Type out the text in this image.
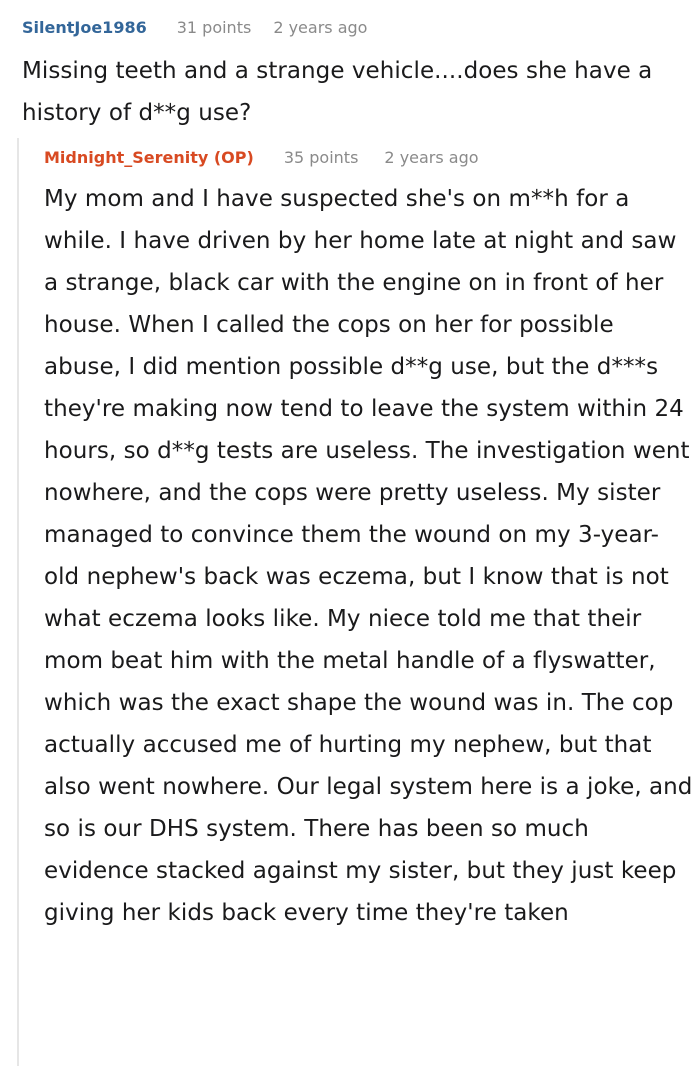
SilentJoe1986 31 points 2 years ago

Missing teeth and a strange vehicle....does she have a history of d**g use?

Midnight_Serenity (OP) 35 points 2 years ago

My mom and I have suspected she's on m**h for a while. I have driven by her home late at night and saw a strange, black car with the engine on in front of her house. When I called the cops on her for possible abuse, I did mention possible d**g use, but the d***s they're making now tend to leave the system within 24 hours, so d**g tests are useless. The investigation went nowhere, and the cops were pretty useless. My sister managed to convince them the wound on my 3-year-old nephew's back was eczema, but I know that is not what eczema looks like. My niece told me that their mom beat him with the metal handle of a flyswatter, which was the exact shape the wound was in. The cop actually accused me of hurting my nephew, but that also went nowhere. Our legal system here is a joke, and so is our DHS system. There has been so much evidence stacked against my sister, but they just keep giving her kids back every time they're taken
